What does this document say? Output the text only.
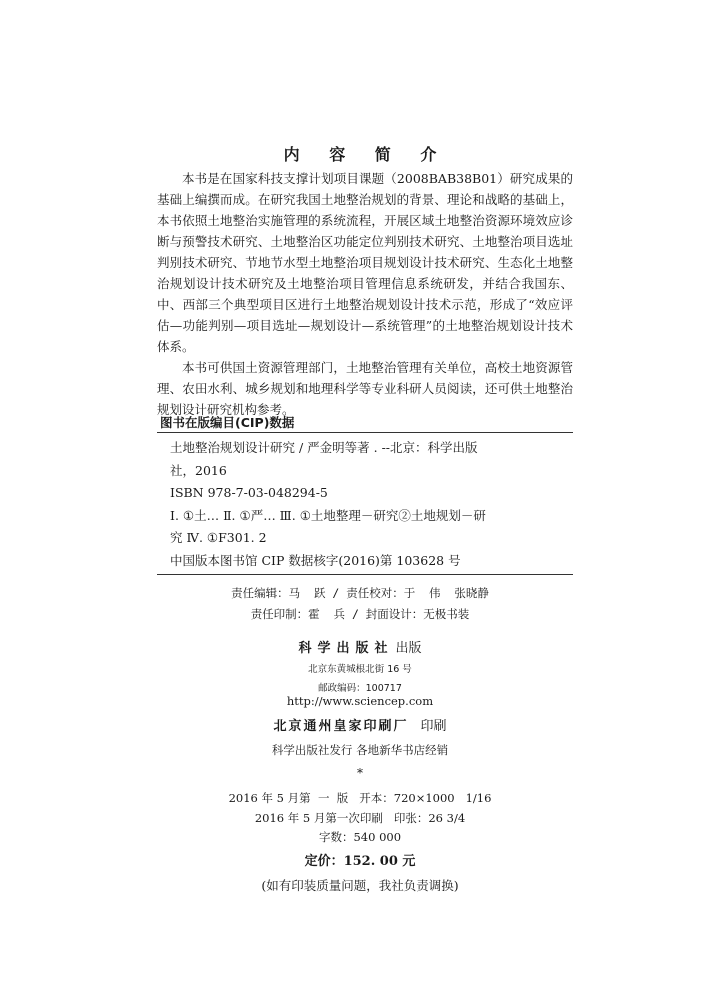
内 容 简 介

本书是在国家科技支撑计划项目课题（2008BAB38B01）研究成果的基础上编撰而成。在研究我国土地整治规划的背景、理论和战略的基础上，本书依照土地整治实施管理的系统流程，开展区域土地整治资源环境效应诊断与预警技术研究、土地整治区功能定位判别技术研究、土地整治项目选址判别技术研究、节地节水型土地整治项目规划设计技术研究、生态化土地整治规划设计技术研究及土地整治项目管理信息系统研发，并结合我国东、中、西部三个典型项目区进行土地整治规划设计技术示范，形成了“效应评估—功能判别—项目选址—规划设计—系统管理”的土地整治规划设计技术体系。

本书可供国土资源管理部门，土地整治管理有关单位，高校土地资源管理、农田水利、城乡规划和地理科学等专业科研人员阅读，还可供土地整治规划设计研究机构参考。

图书在版编目(CIP)数据
土地整治规划设计研究 / 严金明等著 . --北京：科学出版
社，2016
ISBN 978-7-03-048294-5
Ⅰ. ①土… Ⅱ. ①严… Ⅲ. ①土地整理－研究②土地规划－研
究 Ⅳ. ①F301. 2
中国版本图书馆 CIP 数据核字(2016)第 103628 号
责任编辑：马  跃 / 责任校对：于  伟  张晓静
责任印制：霍  兵 / 封面设计：无极书装
科学出版社 出版
北京东黄城根北街 16 号
邮政编码：100717
http://www.sciencep.com
北京通州皇家印刷厂 印刷
科学出版社发行 各地新华书店经销
*
2016 年 5 月第  一  版   开本：720×1000   1/16
2016 年 5 月第一次印刷   印张：26 3/4
字数：540 000
定价：152. 00 元
(如有印装质量问题，我社负责调换)
